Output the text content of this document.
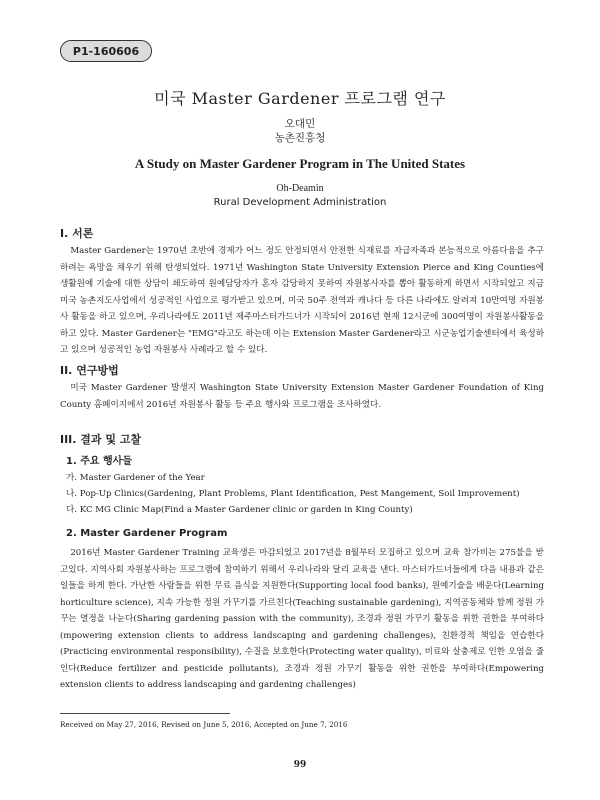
P1-160606
미국 Master Gardener 프로그램 연구
오대민
농촌진흥청
A Study on Master Gardener Program in The United States
Oh-Deamin
Rural Development Administration
I. 서론

Master Gardener는 1970년 초반에 경제가 어느 정도 안정되면서 안전한 식재료를 자급자족과 본능적으로 아름다움을 추구하려는 욕망을 채우기 위해 탄생되었다. 1971년 Washington State University Extension Pierce and King Counties에 생활원예 기술에 대한 상담이 쇄도하여 원예담당자가 혼자 감당하지 못하여 자원봉사자를 뽑아 활동하게 하면서 시작되었고 지금 미국 농촌지도사업에서 성공적인 사업으로 평가받고 있으며, 미국 50주 전역과 캐나다 등 다른 나라에도 알려져 10만여명 자원봉사 활동을 하고 있으며, 우리나라에도 2011년 제주마스터가드너가 시작되어 2016년 현재 12시군에 300여명이 자원봉사활동을 하고 있다. Master Gardener는 "EMG"라고도 하는데 이는 Extension Master Gardener라고 시군농업기술센터에서 육성하고 있으며 성공적인 농업 자원봉사 사례라고 할 수 있다.

II. 연구방법

미국 Master Gardener 발생지 Washington State University Extension Master Gardener Foundation of King County 홈페이지에서 2016년 자원봉사 활동 등 주요 행사와 프로그램을 조사하였다.

III. 결과 및 고찰
1. 주요 행사들
가. Master Gardener of the Year
나. Pop-Up Clinics(Gardening, Plant Problems, Plant Identification, Pest Mangement, Soil Improvement)
다. KC MG Clinic Map(Find a Master Gardener clinic or garden in King County)
2. Master Gardener Program

2016년 Master Gardener Training 교육생은 마감되었고 2017년을 8월부터 모집하고 있으며 교육 참가비는 275불을 받고있다. 지역사회 자원봉사하는 프로그램에 참여하기 위해서 우리나라와 달리 교육을 낸다. 마스터가드너들에게 다음 내용과 같은 일들을 하게 한다. 가난한 사람들을 위한 무료 음식을 지원한다(Supporting local food banks), 원예기술을 배운다(Learning horticulture science), 지속 가능한 정원 가꾸기를 가르친다(Teaching sustainable gardening), 지역공동체와 함께 정원 가꾸는 열정을 나눈다(Sharing gardening passion with the community), 조경과 정원 가꾸기 활동을 위한 권한을 부여하다(mpowering extension clients to address landscaping and gardening challenges), 친환경적 책임을 연습한다(Practicing environmental responsibility), 수질을 보호한다(Protecting water quality), 비료와 살충제로 인한 오염을 줄인다(Reduce fertilizer and pesticide pollutants), 조경과 정원 가꾸기 활동을 위한 권한을 부여하다(Empowering extension clients to address landscaping and gardening challenges)

Received on May 27, 2016, Revised on June 5, 2016, Accepted on June 7, 2016
99
